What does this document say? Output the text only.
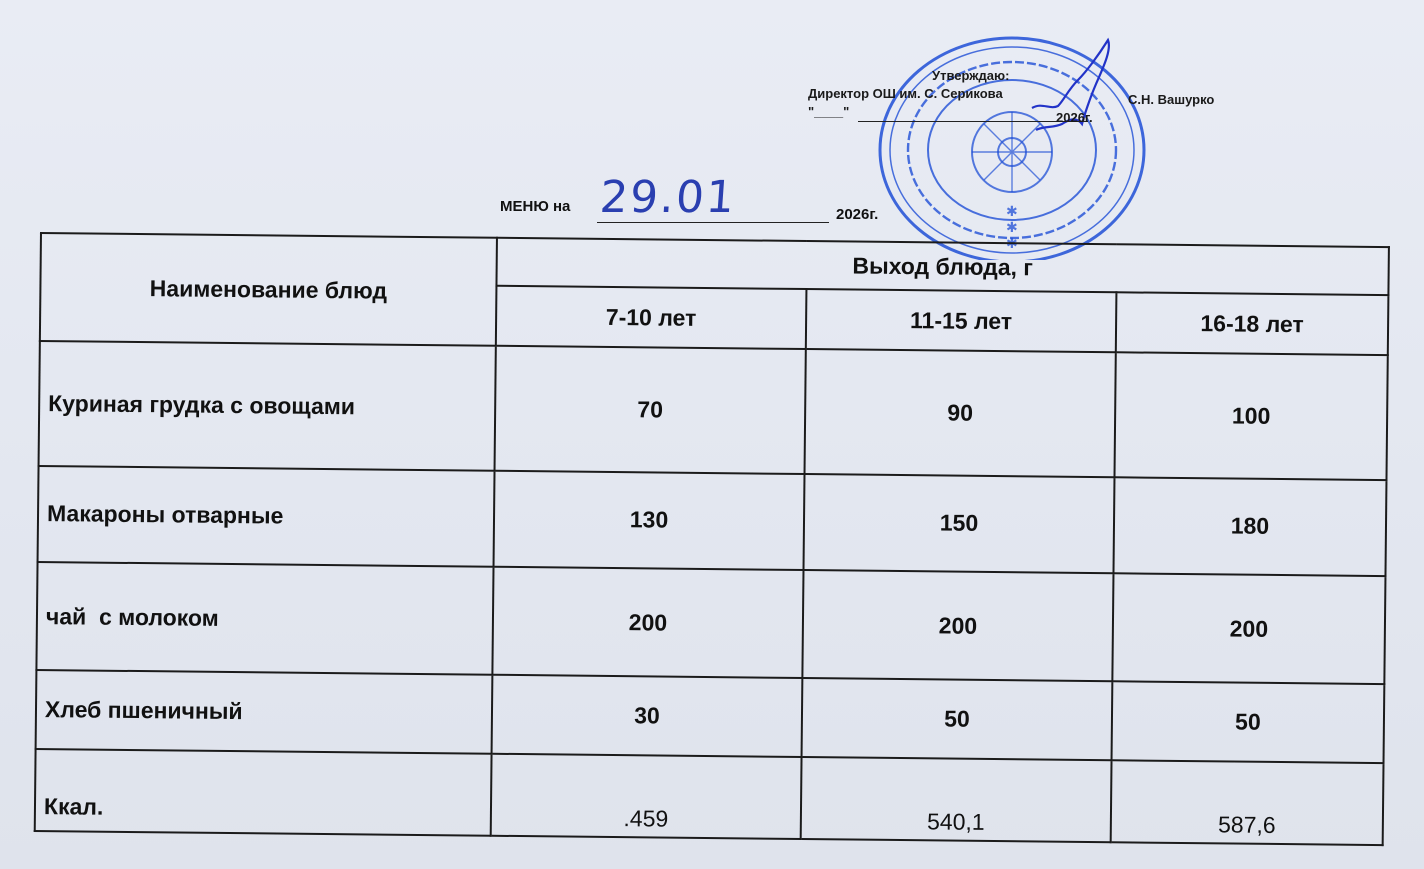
✱
✱
✱
Утверждаю:
Директор ОШ им. С. Серикова	С.Н. Вашурко
"____"	2026г.
МЕНЮ на 29.01	2026г.
Наименование блюд	Выход блюда, г		
	7-10 лет	11-15 лет	16-18 лет
Куриная грудка с овощами	70	90	100
Макароны отварные	130	150	180
чай  с молоком	200	200	200
Хлеб пшеничный	30	50	50
Ккал.	.459	540,1	587,6
